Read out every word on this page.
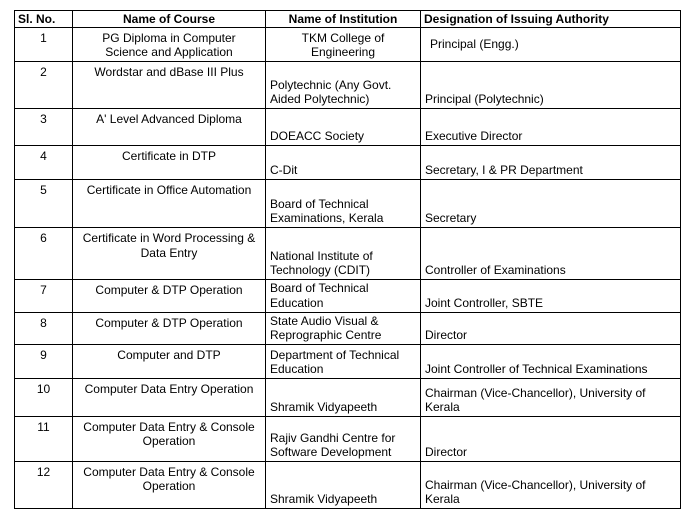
Sl. No.	Name of Course	Name of Institution	Designation of Issuing Authority
1	PG Diploma in Computer Science and Application	TKM College of Engineering	Principal (Engg.)
2	Wordstar and dBase III Plus	Polytechnic (Any Govt. Aided Polytechnic)	Principal (Polytechnic)
3	A' Level Advanced Diploma	DOEACC Society	Executive Director
4	Certificate in DTP	C-Dit	Secretary, I & PR Department
5	Certificate in Office Automation	Board of Technical Examinations, Kerala	Secretary
6	Certificate in Word Processing & Data Entry	National Institute of Technology (CDIT)	Controller of Examinations
7	Computer & DTP Operation	Board of Technical Education	Joint Controller, SBTE
8	Computer & DTP Operation	State Audio Visual & Reprographic Centre	Director
9	Computer and DTP	Department of Technical Education	Joint Controller of Technical Examinations
10	Computer Data Entry Operation	Shramik Vidyapeeth	Chairman (Vice-Chancellor), University of Kerala
11	Computer Data Entry & Console Operation	Rajiv Gandhi Centre for Software Development	Director
12	Computer Data Entry & Console Operation	Shramik Vidyapeeth	Chairman (Vice-Chancellor), University of Kerala
